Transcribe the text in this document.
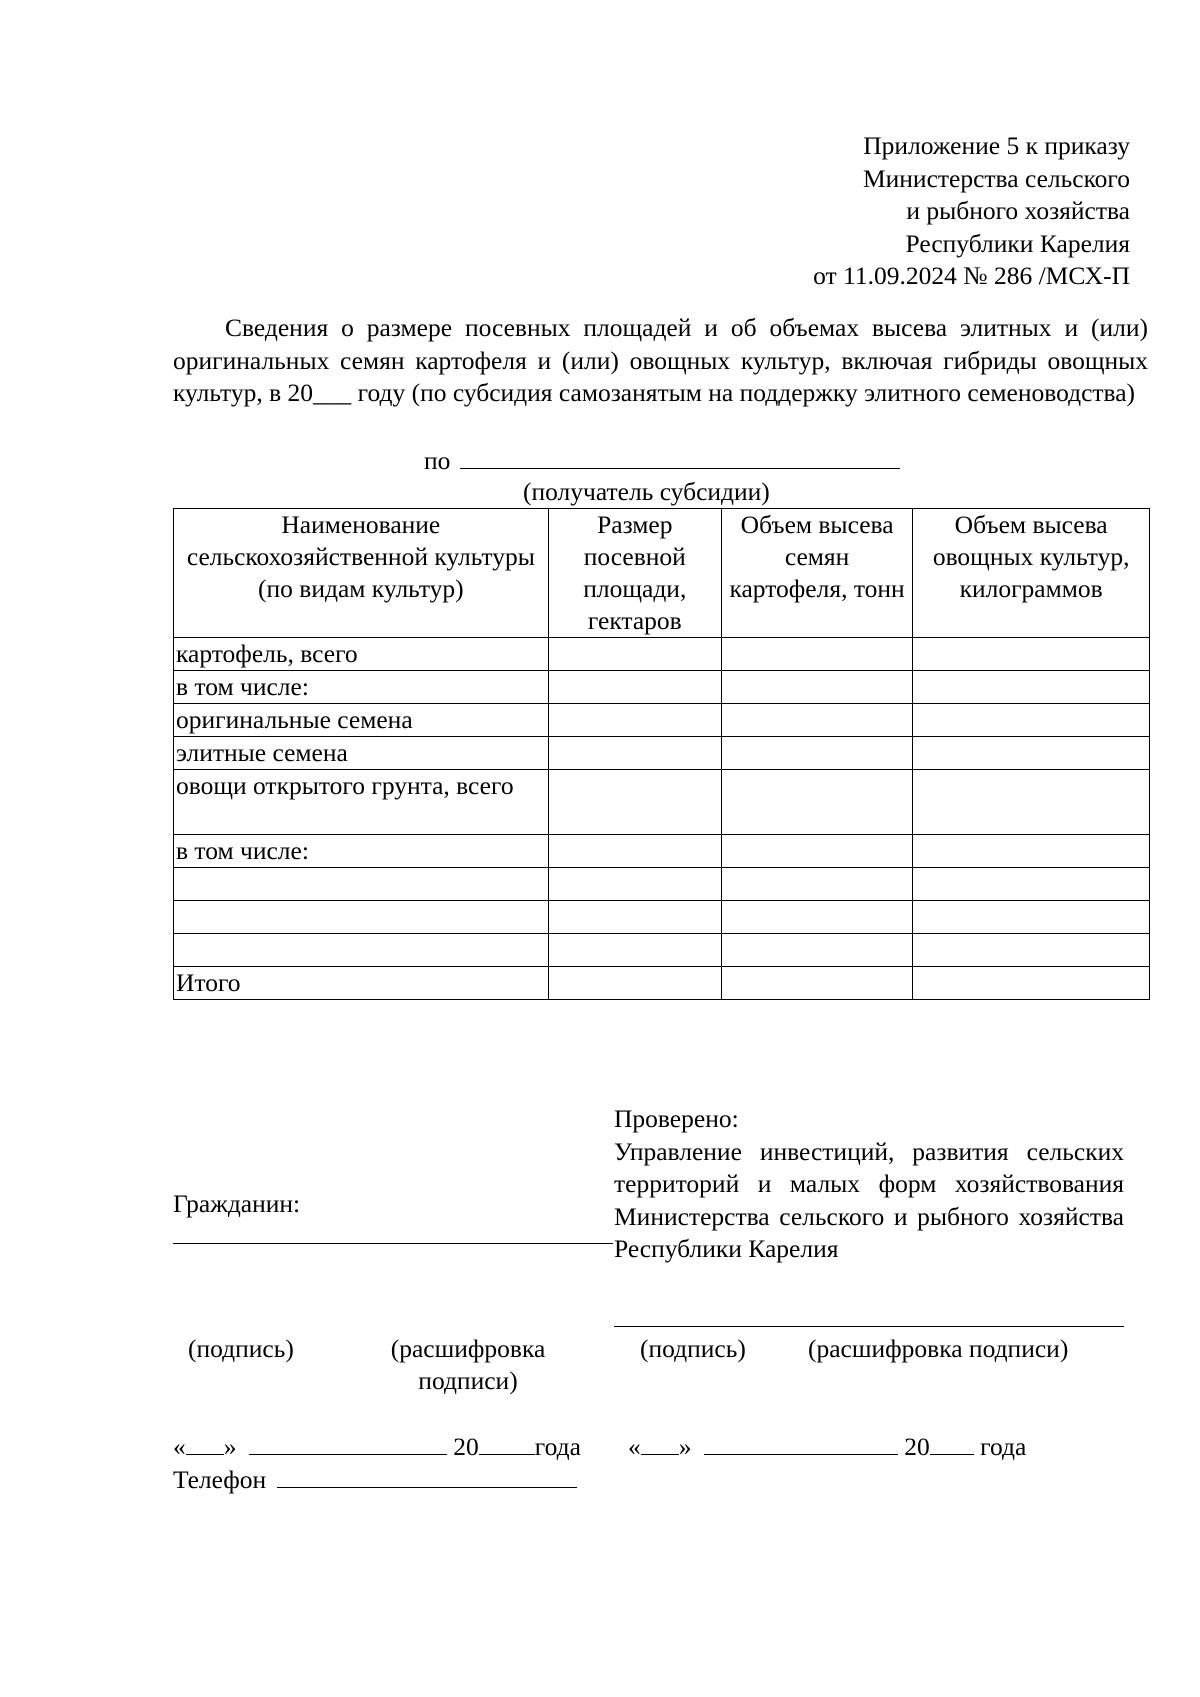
Приложение 5 к приказу
Министерства сельского
и рыбного хозяйства
Республики Карелия
от 11.09.2024 № 286 /МСХ-П
Сведения о размере посевных площадей и об объемах высева элитных и (или) оригинальных семян картофеля и (или) овощных культур, включая гибриды овощных культур, в 20___ году (по субсидия самозанятым на поддержку элитного семеноводства)
по
(получатель субсидии)
Наименование сельскохозяйственной культуры (по видам культур)	Размер посевной площади, гектаров	Объем высева семян картофеля, тонн	Объем высева овощных культур, килограммов
картофель, всего			
в том числе:			
оригинальные семена			
элитные семена			
овощи открытого грунта, всего			
в том числе:			

Итого			
Гражданин:
Проверено:
Управление инвестиций, развития сельских территорий и малых форм хозяйствования Министерства сельского и рыбного хозяйства Республики Карелия
(подпись)	(расшифровка подписи)
(подпись) (расшифровка подписи)
« »	20 года « »	20 года
Телефон
